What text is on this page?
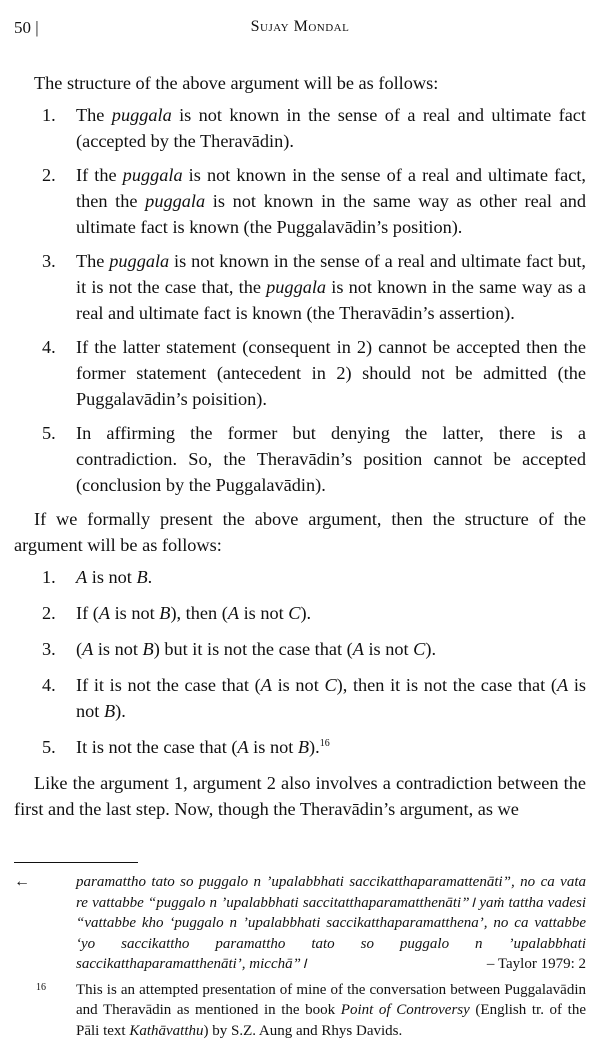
50 |	Sujay Mondal

The structure of the above argument will be as follows:

1. The puggala is not known in the sense of a real and ultimate fact (accepted by the Theravādin).
2. If the puggala is not known in the sense of a real and ultimate fact, then the puggala is not known in the same way as other real and ultimate fact is known (the Puggalavādin’s position).
3. The puggala is not known in the sense of a real and ultimate fact but, it is not the case that, the puggala is not known in the same way as a real and ultimate fact is known (the Theravādin’s assertion).
4. If the latter statement (consequent in 2) cannot be accepted then the former statement (antecedent in 2) should not be admitted (the Puggalavādin’s poisition).
5. In affirming the former but denying the latter, there is a contradiction. So, the Theravādin’s position cannot be accepted (conclusion by the Puggalavādin).

If we formally present the above argument, then the structure of the argument will be as follows:

1. A is not B.
2. If (A is not B), then (A is not C).
3. (A is not B) but it is not the case that (A is not C).
4. If it is not the case that (A is not C), then it is not the case that (A is not B).
5. It is not the case that (A is not B).$^{16}$

Like the argument 1, argument 2 also involves a contradiction between the first and the last step. Now, though the Theravādin’s argument, as we

←	paramattho tato so puggalo n ’upalabbhati saccikatthaparamattenāti”, no ca vata re vattabbe “puggalo n ’upalabbhati saccitatthaparamatthenāti”। yaṁ tattha vadesi “vattabbe kho ‘puggalo n ’upalabbhati saccikatthaparamatthena’, no ca vattabbe ‘yo saccikattho paramattho tato so puggalo n ’upalabbhati saccikatthaparamatthenāti’, micchā”।	– Taylor 1979: 2
16 This is an attempted presentation of mine of the conversation between Puggalavādin and Theravādin as mentioned in the book Point of Controversy (English tr. of the Pāli text Kathāvatthu) by S.Z. Aung and Rhys Davids.
